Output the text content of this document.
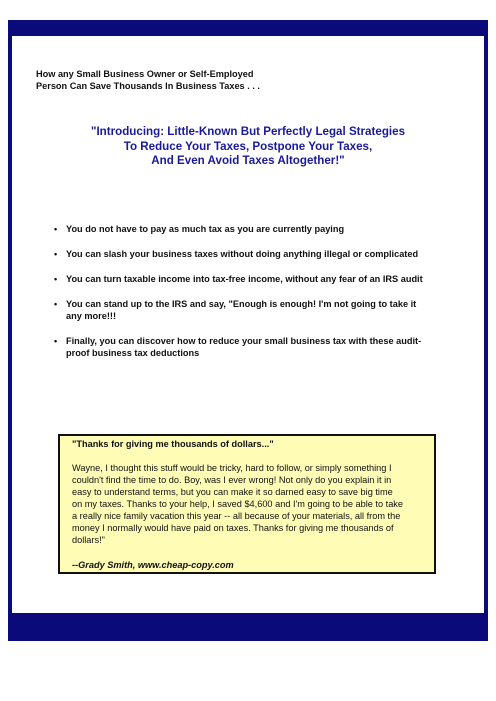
How any Small Business Owner or Self-Employed
Person Can Save Thousands In Business Taxes . . .
"Introducing: Little-Known But Perfectly Legal Strategies
To Reduce Your Taxes, Postpone Your Taxes,
And Even Avoid Taxes Altogether!"
• You do not have to pay as much tax as you are currently paying
• You can slash your business taxes without doing anything illegal or complicated
• You can turn taxable income into tax-free income, without any fear of an IRS audit
• You can stand up to the IRS and say, "Enough is enough! I'm not going to take it
any more!!!
• Finally, you can discover how to reduce your small business tax with these audit-
proof business tax deductions
"Thanks for giving me thousands of dollars..."
Wayne, I thought this stuff would be tricky, hard to follow, or simply something I
couldn't find the time to do. Boy, was I ever wrong! Not only do you explain it in
easy to understand terms, but you can make it so darned easy to save big time
on my taxes. Thanks to your help, I saved $4,600 and I'm going to be able to take
a really nice family vacation this year -- all because of your materials, all from the
money I normally would have paid on taxes. Thanks for giving me thousands of
dollars!"
--Grady Smith, www.cheap-copy.com
